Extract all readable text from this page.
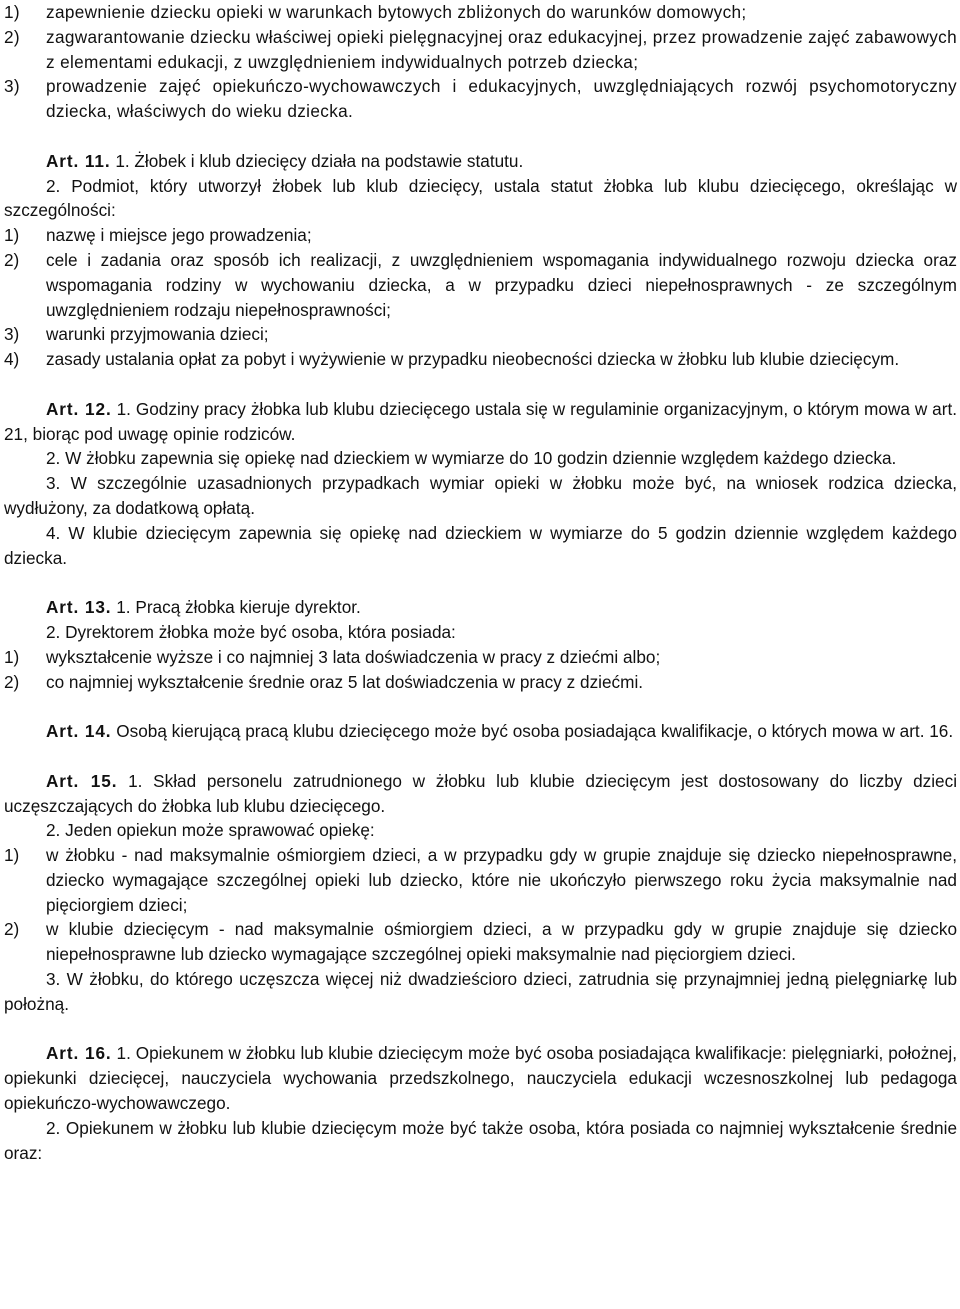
1) zapewnienie dziecku opieki w warunkach bytowych zbliżonych do warunków domowych;
2) zagwarantowanie dziecku właściwej opieki pielęgnacyjnej oraz edukacyjnej, przez prowadzenie zajęć zabawowych z elementami edukacji, z uwzględnieniem indywidualnych potrzeb dziecka;
3) prowadzenie zajęć opiekuńczo-wychowawczych i edukacyjnych, uwzględniających rozwój psychomotoryczny dziecka, właściwych do wieku dziecka.

Art. 11. 1. Żłobek i klub dziecięcy działa na podstawie statutu.

2. Podmiot, który utworzył żłobek lub klub dziecięcy, ustala statut żłobka lub klubu dziecięcego, określając w szczególności:

1) nazwę i miejsce jego prowadzenia;
2) cele i zadania oraz sposób ich realizacji, z uwzględnieniem wspomagania indywidualnego rozwoju dziecka oraz wspomagania rodziny w wychowaniu dziecka, a w przypadku dzieci niepełnosprawnych - ze szczególnym uwzględnieniem rodzaju niepełnosprawności;
3) warunki przyjmowania dzieci;
4) zasady ustalania opłat za pobyt i wyżywienie w przypadku nieobecności dziecka w żłobku lub klubie dziecięcym.

Art. 12. 1. Godziny pracy żłobka lub klubu dziecięcego ustala się w regulaminie organizacyjnym, o którym mowa w art. 21, biorąc pod uwagę opinie rodziców.

2. W żłobku zapewnia się opiekę nad dzieckiem w wymiarze do 10 godzin dziennie względem każdego dziecka.

3. W szczególnie uzasadnionych przypadkach wymiar opieki w żłobku może być, na wniosek rodzica dziecka, wydłużony, za dodatkową opłatą.

4. W klubie dziecięcym zapewnia się opiekę nad dzieckiem w wymiarze do 5 godzin dziennie względem każdego dziecka.

Art. 13. 1. Pracą żłobka kieruje dyrektor.

2. Dyrektorem żłobka może być osoba, która posiada:

1) wykształcenie wyższe i co najmniej 3 lata doświadczenia w pracy z dziećmi albo;
2) co najmniej wykształcenie średnie oraz 5 lat doświadczenia w pracy z dziećmi.

Art. 14. Osobą kierującą pracą klubu dziecięcego może być osoba posiadająca kwalifikacje, o których mowa w art. 16.

Art. 15. 1. Skład personelu zatrudnionego w żłobku lub klubie dziecięcym jest dostosowany do liczby dzieci uczęszczających do żłobka lub klubu dziecięcego.

2. Jeden opiekun może sprawować opiekę:

1) w żłobku - nad maksymalnie ośmiorgiem dzieci, a w przypadku gdy w grupie znajduje się dziecko niepełnosprawne, dziecko wymagające szczególnej opieki lub dziecko, które nie ukończyło pierwszego roku życia maksymalnie nad pięciorgiem dzieci;
2) w klubie dziecięcym - nad maksymalnie ośmiorgiem dzieci, a w przypadku gdy w grupie znajduje się dziecko niepełnosprawne lub dziecko wymagające szczególnej opieki maksymalnie nad pięciorgiem dzieci.

3. W żłobku, do którego uczęszcza więcej niż dwadzieścioro dzieci, zatrudnia się przynajmniej jedną pielęgniarkę lub położną.

Art. 16. 1. Opiekunem w żłobku lub klubie dziecięcym może być osoba posiadająca kwalifikacje: pielęgniarki, położnej, opiekunki dziecięcej, nauczyciela wychowania przedszkolnego, nauczyciela edukacji wczesnoszkolnej lub pedagoga opiekuńczo-wychowawczego.

2. Opiekunem w żłobku lub klubie dziecięcym może być także osoba, która posiada co najmniej wykształcenie średnie oraz:
